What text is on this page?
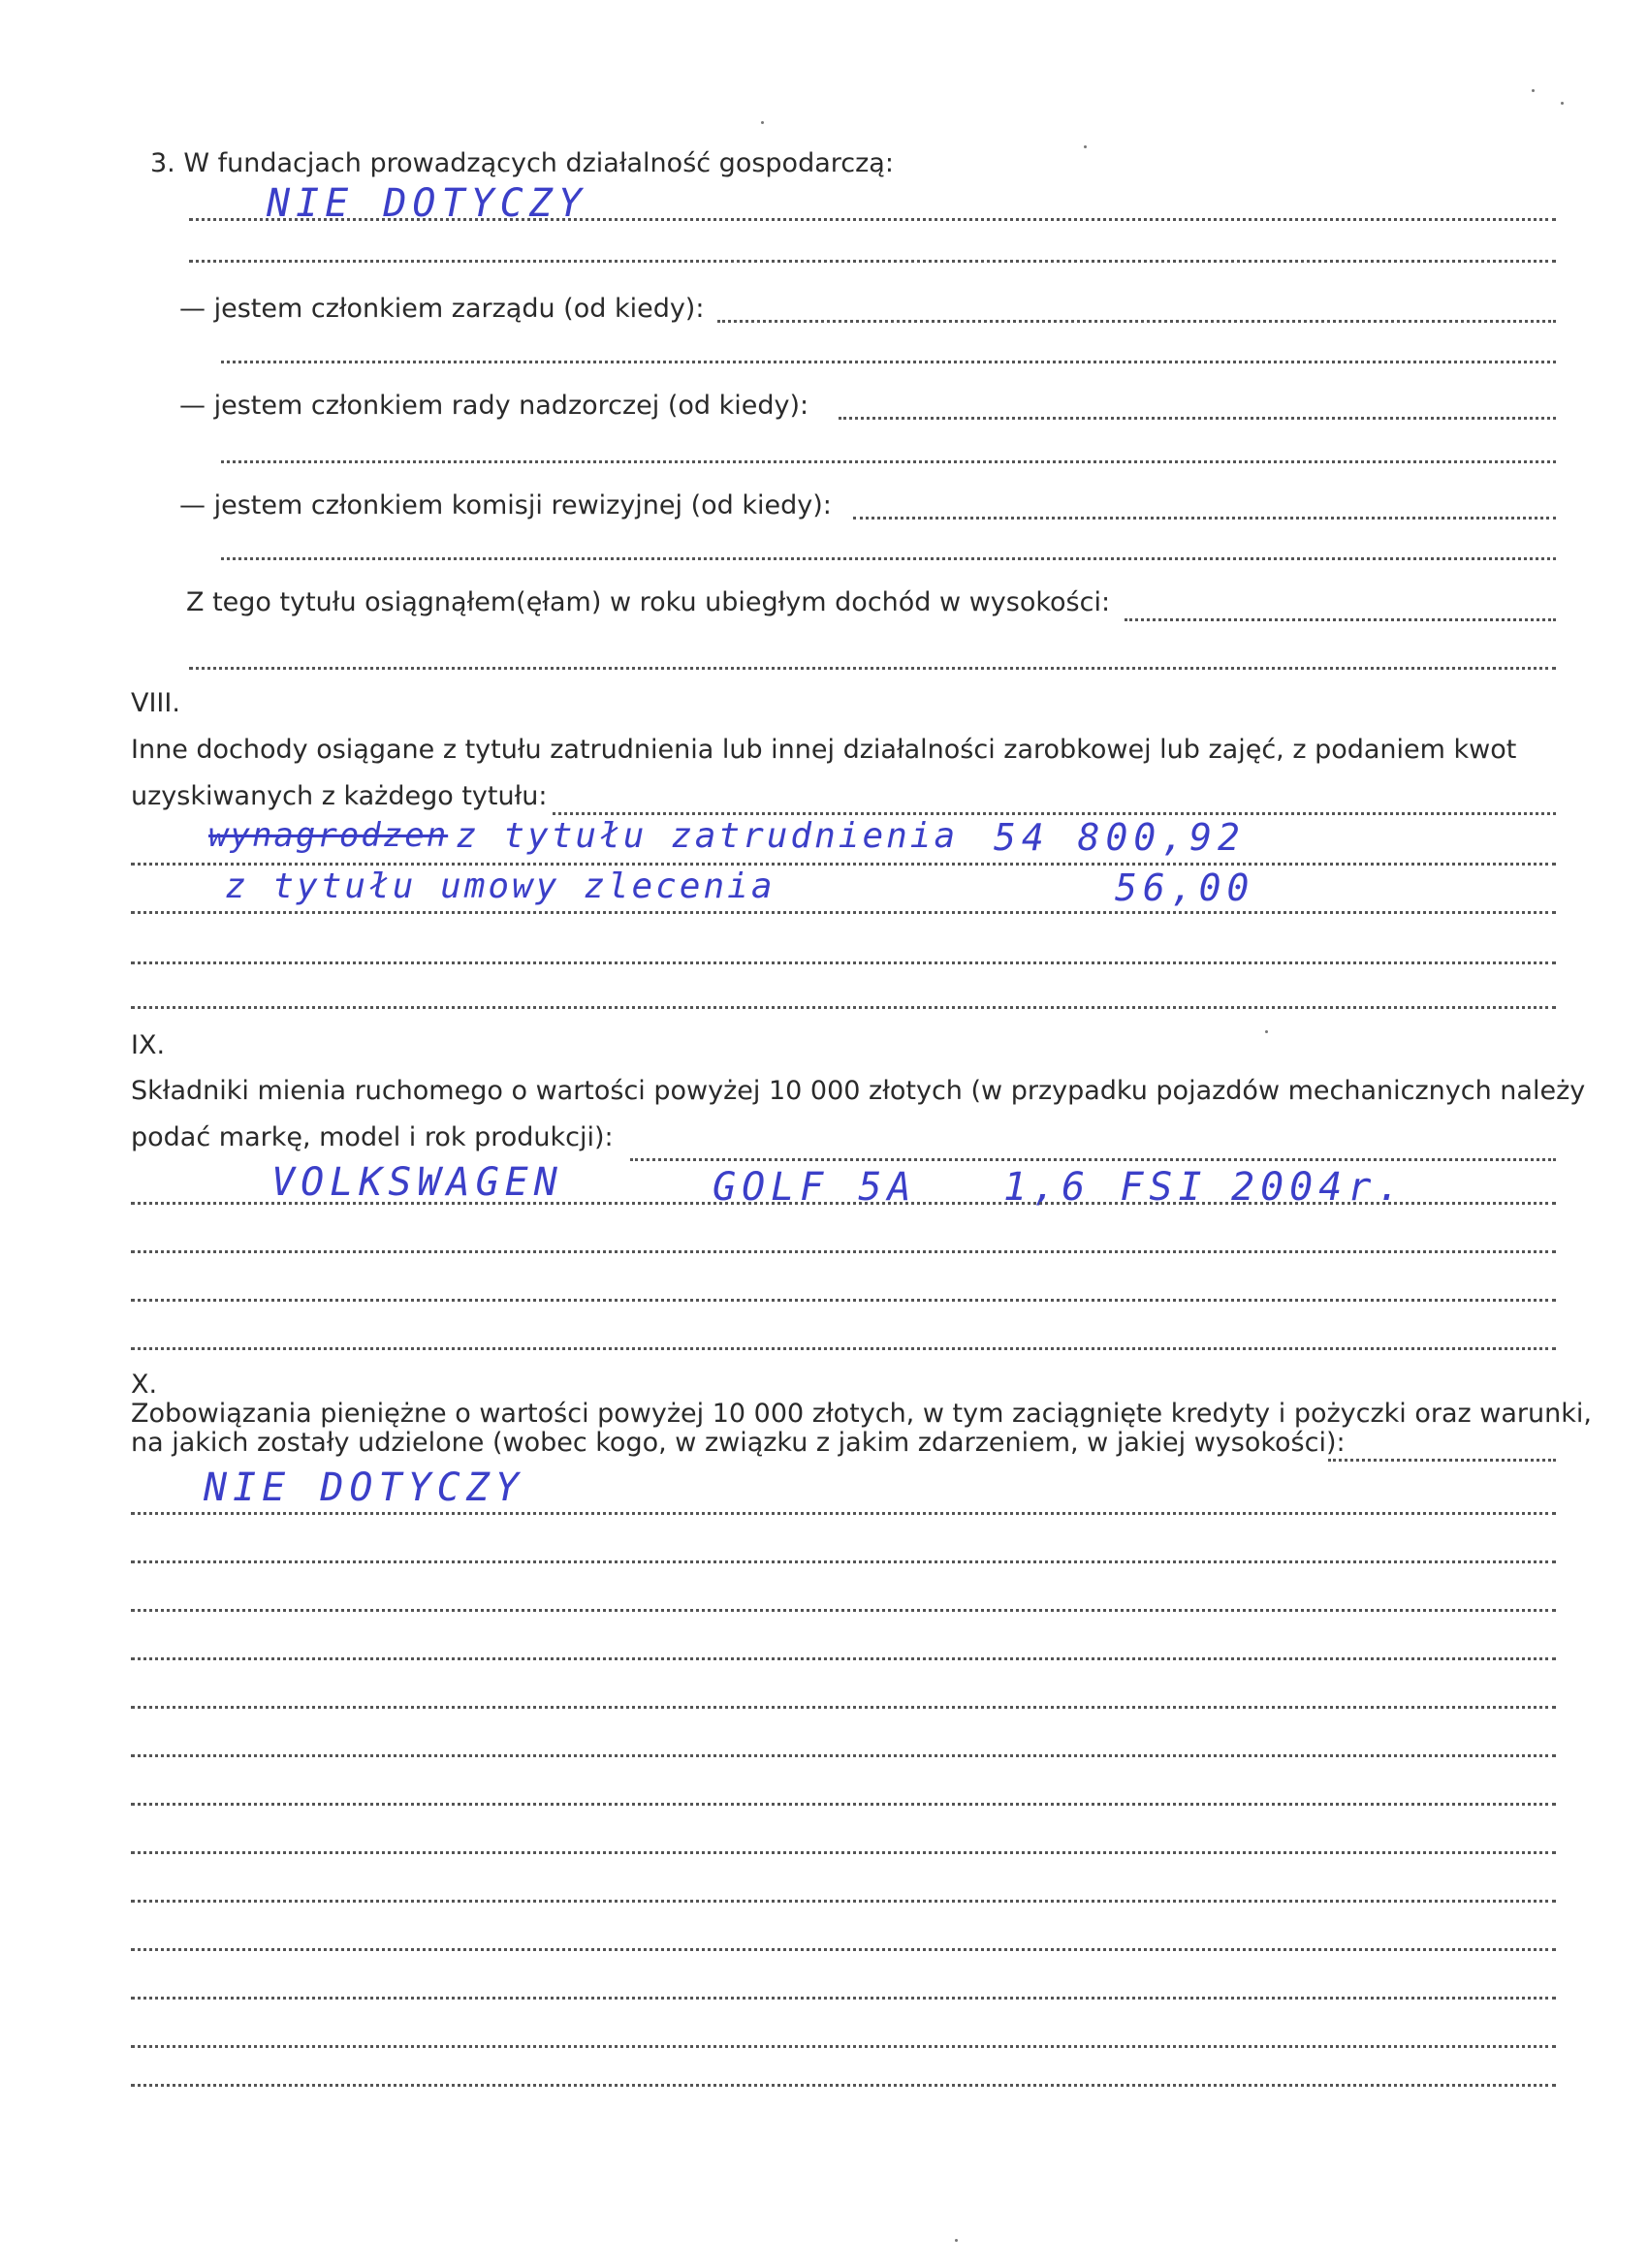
3. W fundacjach prowadzących działalność gospodarczą:
NIE DOTYCZY
— jestem członkiem zarządu (od kiedy):
— jestem członkiem rady nadzorczej (od kiedy):
— jestem członkiem komisji rewizyjnej (od kiedy):
Z tego tytułu osiągnąłem(ęłam) w roku ubiegłym dochód w wysokości:
VIII.
Inne dochody osiągane z tytułu zatrudnienia lub innej działalności zarobkowej lub zajęć, z podaniem kwot
uzyskiwanych z każdego tytułu:
wynagrodzen z tytułu zatrudnienia 54 800,92
z tytułu umowy zlecenia	56,00
IX.
Składniki mienia ruchomego o wartości powyżej 10 000 złotych (w przypadku pojazdów mechanicznych należy
podać markę, model i rok produkcji):
VOLKSWAGEN	GOLF 5A 1,6 FSI 2004r.
X.
Zobowiązania pieniężne o wartości powyżej 10 000 złotych, w tym zaciągnięte kredyty i pożyczki oraz warunki,
na jakich zostały udzielone (wobec kogo, w związku z jakim zdarzeniem, w jakiej wysokości):
NIE DOTYCZY
